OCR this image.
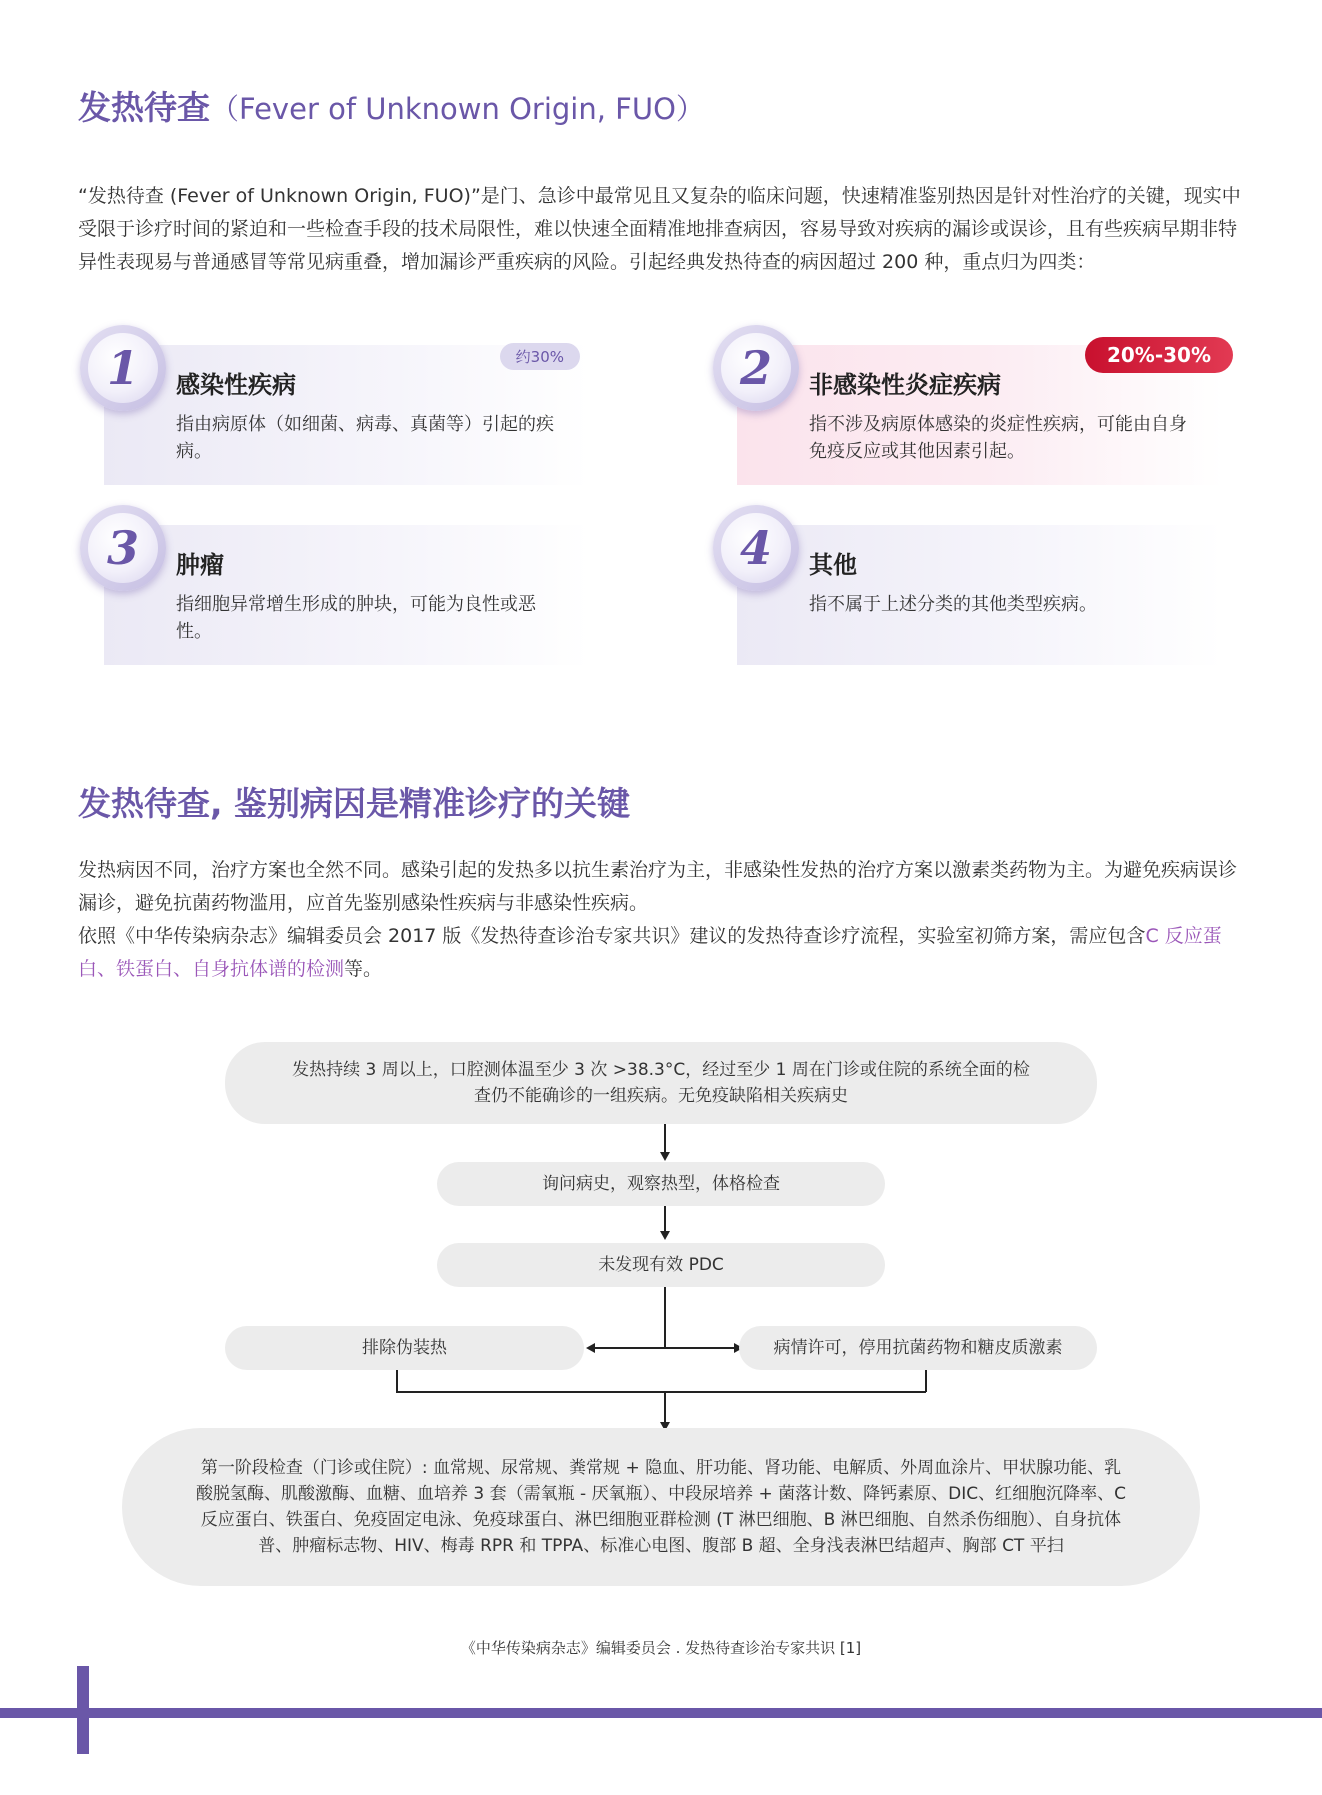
发热待查（Fever of Unknown Origin, FUO）

“发热待查 (Fever of Unknown Origin, FUO)”是门、急诊中最常见且又复杂的临床问题，快速精准鉴别热因是针对性治疗的关键，现实中受限于诊疗时间的紧迫和一些检查手段的技术局限性，难以快速全面精准地排查病因，容易导致对疾病的漏诊或误诊，且有些疾病早期非特异性表现易与普通感冒等常见病重叠，增加漏诊严重疾病的风险。引起经典发热待查的病因超过 200 种，重点归为四类：

1	约30%
感染性疾病

指由病原体（如细菌、病毒、真菌等）引起的疾病。

2	20%-30%
非感染性炎症疾病

指不涉及病原体感染的炎症性疾病，可能由自身免疫反应或其他因素引起。

3	肿瘤

指细胞异常增生形成的肿块，可能为良性或恶性。

4	其他

指不属于上述分类的其他类型疾病。

发热待查, 鉴别病因是精准诊疗的关键

发热病因不同，治疗方案也全然不同。感染引起的发热多以抗生素治疗为主，非感染性发热的治疗方案以激素类药物为主。为避免疾病误诊漏诊，避免抗菌药物滥用，应首先鉴别感染性疾病与非感染性疾病。

依照《中华传染病杂志》编辑委员会 2017 版《发热待查诊治专家共识》建议的发热待查诊疗流程，实验室初筛方案，需应包含C 反应蛋白、铁蛋白、自身抗体谱的检测等。

发热持续 3 周以上，口腔测体温至少 3 次 >38.3°C，经过至少 1 周在门诊或住院的系统全面的检查仍不能确诊的一组疾病。无免疫缺陷相关疾病史
询问病史，观察热型，体格检查
未发现有效 PDC
排除伪装热	病情许可，停用抗菌药物和糖皮质激素
第一阶段检查（门诊或住院）: 血常规、尿常规、粪常规 + 隐血、肝功能、肾功能、电解质、外周血涂片、甲状腺功能、乳酸脱氢酶、肌酸激酶、血糖、血培养 3 套（需氧瓶 - 厌氧瓶）、中段尿培养 + 菌落计数、降钙素原、DIC、红细胞沉降率、C 反应蛋白、铁蛋白、免疫固定电泳、免疫球蛋白、淋巴细胞亚群检测 (T 淋巴细胞、B 淋巴细胞、自然杀伤细胞）、自身抗体普、肿瘤标志物、HIV、梅毒 RPR 和 TPPA、标准心电图、腹部 B 超、全身浅表淋巴结超声、胸部 CT 平扫

《中华传染病杂志》编辑委员会 . 发热待查诊治专家共识 [1]
